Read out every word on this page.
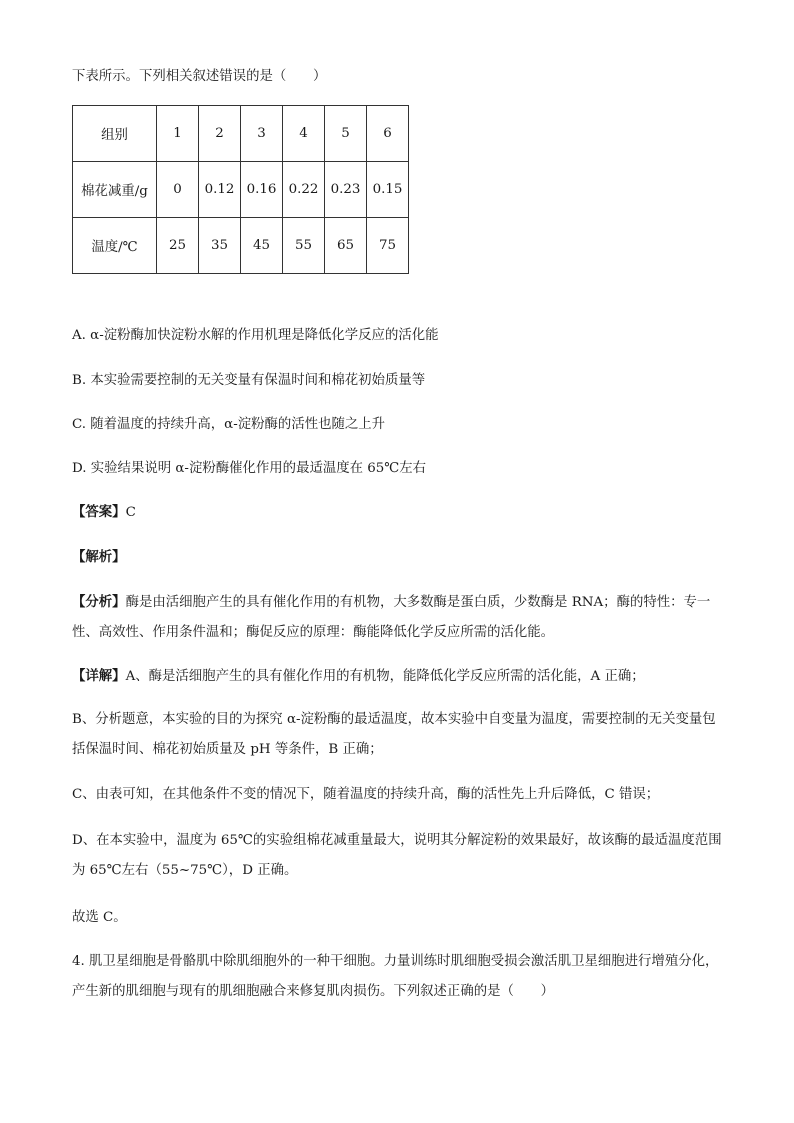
下表所示。下列相关叙述错误的是（　　）
组别	1	2	3	4	5	6
棉花减重/g	0	0.12	0.16	0.22	0.23	0.15
温度/℃	25	35	45	55	65	75
A. α-淀粉酶加快淀粉水解的作用机理是降低化学反应的活化能
B. 本实验需要控制的无关变量有保温时间和棉花初始质量等
C. 随着温度的持续升高，α-淀粉酶的活性也随之上升
D. 实验结果说明 α-淀粉酶催化作用的最适温度在 65℃左右
【答案】C
【解析】
【分析】酶是由活细胞产生的具有催化作用的有机物，大多数酶是蛋白质，少数酶是 RNA；酶的特性：专一性、高效性、作用条件温和；酶促反应的原理：酶能降低化学反应所需的活化能。
【详解】A、酶是活细胞产生的具有催化作用的有机物，能降低化学反应所需的活化能，A 正确；
B、分析题意，本实验的目的为探究 α-淀粉酶的最适温度，故本实验中自变量为温度，需要控制的无关变量包括保温时间、棉花初始质量及 pH 等条件，B 正确；
C、由表可知，在其他条件不变的情况下，随着温度的持续升高，酶的活性先上升后降低，C 错误；
D、在本实验中，温度为 65℃的实验组棉花减重量最大，说明其分解淀粉的效果最好，故该酶的最适温度范围为 65℃左右（55~75℃），D 正确。
故选 C。
4. 肌卫星细胞是骨骼肌中除肌细胞外的一种干细胞。力量训练时肌细胞受损会激活肌卫星细胞进行增殖分化，产生新的肌细胞与现有的肌细胞融合来修复肌肉损伤。下列叙述正确的是（　　）
